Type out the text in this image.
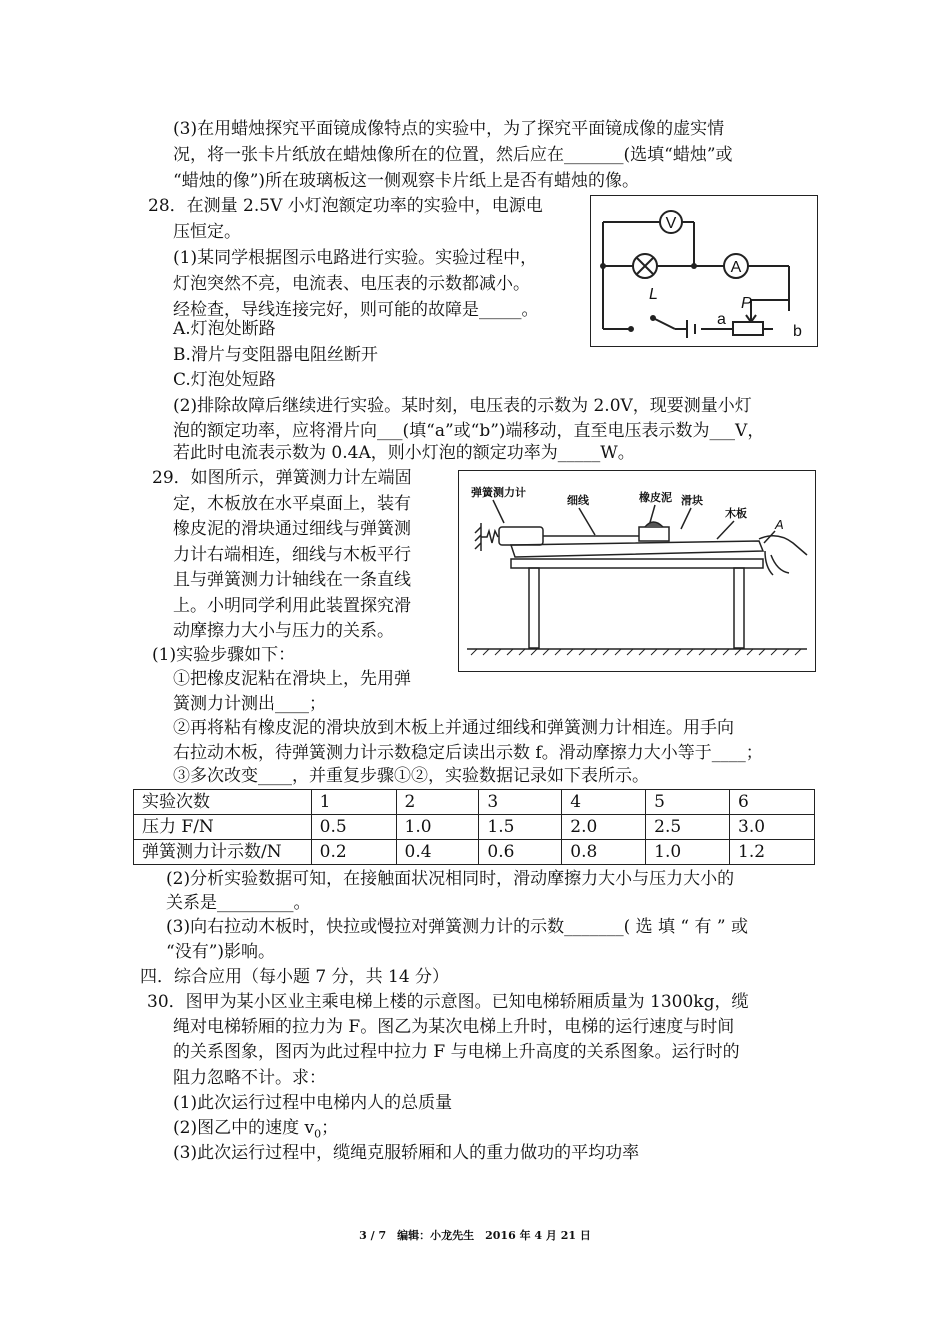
(3)在用蜡烛探究平面镜成像特点的实验中，为了探究平面镜成像的虚实情
况，将一张卡片纸放在蜡烛像所在的位置，然后应在_______(选填“蜡烛”或
“蜡烛的像”)所在玻璃板这一侧观察卡片纸上是否有蜡烛的像。
28．在测量 2.5V 小灯泡额定功率的实验中，电源电
压恒定。
(1)某同学根据图示电路进行实验。实验过程中，
灯泡突然不亮，电流表、电压表的示数都减小。
经检查，导线连接完好，则可能的故障是_____。
A.灯泡处断路
B.滑片与变阻器电阻丝断开
C.灯泡处短路
(2)排除故障后继续进行实验。某时刻，电压表的示数为 2.0V，现要测量小灯
泡的额定功率，应将滑片向___(填“a”或“b”)端移动，直至电压表示数为___V，
若此时电流表示数为 0.4A，则小灯泡的额定功率为_____W。
V
A
L
P
a
b
29．如图所示，弹簧测力计左端固
定，木板放在水平桌面上，装有
橡皮泥的滑块通过细线与弹簧测
力计右端相连，细线与木板平行
且与弹簧测力计轴线在一条直线
上。小明同学利用此装置探究滑
动摩擦力大小与压力的关系。
(1)实验步骤如下：
①把橡皮泥粘在滑块上，先用弹
簧测力计测出____；
②再将粘有橡皮泥的滑块放到木板上并通过细线和弹簧测力计相连。用手向
右拉动木板，待弹簧测力计示数稳定后读出示数 f。滑动摩擦力大小等于____；
③多次改变____，并重复步骤①②，实验数据记录如下表所示。
弹簧测力计
细线	橡皮泥 滑块
木板
A
实验次数	1	2	3	4	5	6
压力 F/N	0.5	1.0	1.5	2.0	2.5	3.0
弹簧测力计示数/N	0.2	0.4	0.6	0.8	1.0	1.2
(2)分析实验数据可知，在接触面状况相同时，滑动摩擦力大小与压力大小的
关系是_________。
(3)向右拉动木板时，快拉或慢拉对弹簧测力计的示数_______( 选 填 “ 有 ” 或
“没有”)影响。
四．综合应用（每小题 7 分，共 14 分）
30．图甲为某小区业主乘电梯上楼的示意图。已知电梯轿厢质量为 1300kg，缆
绳对电梯轿厢的拉力为 F。图乙为某次电梯上升时，电梯的运行速度与时间
的关系图象，图丙为此过程中拉力 F 与电梯上升高度的关系图象。运行时的
阻力忽略不计。求：
(1)此次运行过程中电梯内人的总质量
(2)图乙中的速度 $v_0$；
(3)此次运行过程中，缆绳克服轿厢和人的重力做功的平均功率
3 / 7　编辑：小龙先生　2016 年 4 月 21 日
